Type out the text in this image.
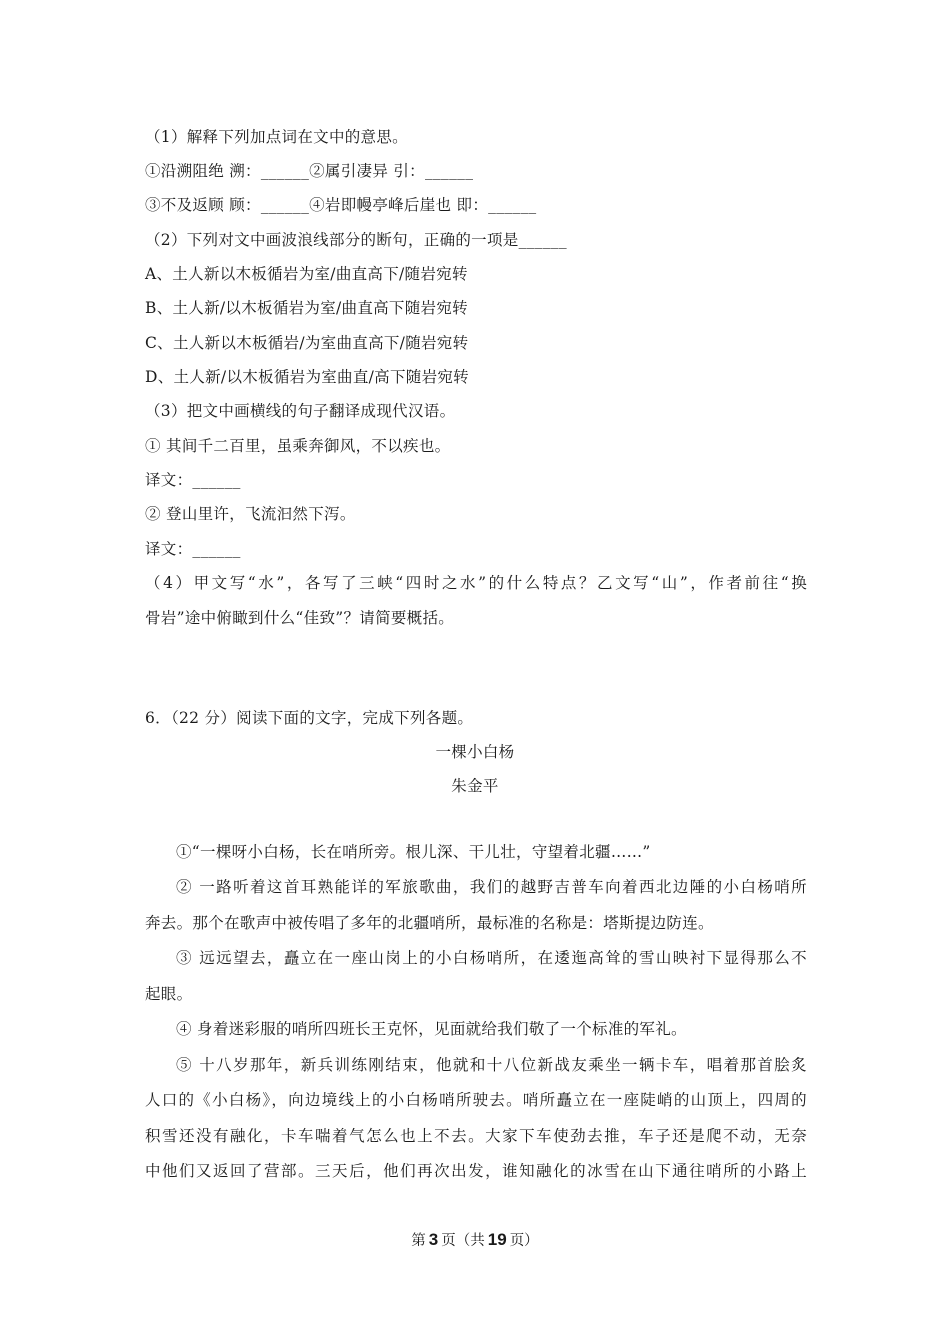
（1）解释下列加点词在文中的意思。
①沿溯阻绝 溯：______②属引凄异 引：______
③不及返顾 顾：______④岩即幔亭峰后崖也 即：______
（2）下列对文中画波浪线部分的断句，正确的一项是______
A、土人新以木板循岩为室/曲直高下/随岩宛转
B、土人新/以木板循岩为室/曲直高下随岩宛转
C、土人新以木板循岩/为室曲直高下/随岩宛转
D、土人新/以木板循岩为室曲直/高下随岩宛转
（3）把文中画横线的句子翻译成现代汉语。
① 其间千二百里，虽乘奔御风，不以疾也。
译文：______
② 登山里许，飞流汩然下泻。
译文：______
（4）甲文写“水”，各写了三峡“四时之水”的什么特点？乙文写“山”，作者前往“换
骨岩”途中俯瞰到什么“佳致”？请简要概括。
6．（22 分）阅读下面的文字，完成下列各题。
一棵小白杨
朱金平
①“一棵呀小白杨，长在哨所旁。根儿深、干儿壮，守望着北疆……”
② 一路听着这首耳熟能详的军旅歌曲，我们的越野吉普车向着西北边陲的小白杨哨所
奔去。那个在歌声中被传唱了多年的北疆哨所，最标准的名称是：塔斯提边防连。
③ 远远望去，矗立在一座山岗上的小白杨哨所，在逶迤高耸的雪山映衬下显得那么不
起眼。
④ 身着迷彩服的哨所四班长王克怀，见面就给我们敬了一个标准的军礼。
⑤ 十八岁那年，新兵训练刚结束，他就和十八位新战友乘坐一辆卡车，唱着那首脍炙
人口的《小白杨》，向边境线上的小白杨哨所驶去。哨所矗立在一座陡峭的山顶上，四周的
积雪还没有融化，卡车喘着气怎么也上不去。大家下车使劲去推，车子还是爬不动，无奈
中他们又返回了营部。三天后，他们再次出发，谁知融化的冰雪在山下通往哨所的小路上
第 3 页（共 19 页）
